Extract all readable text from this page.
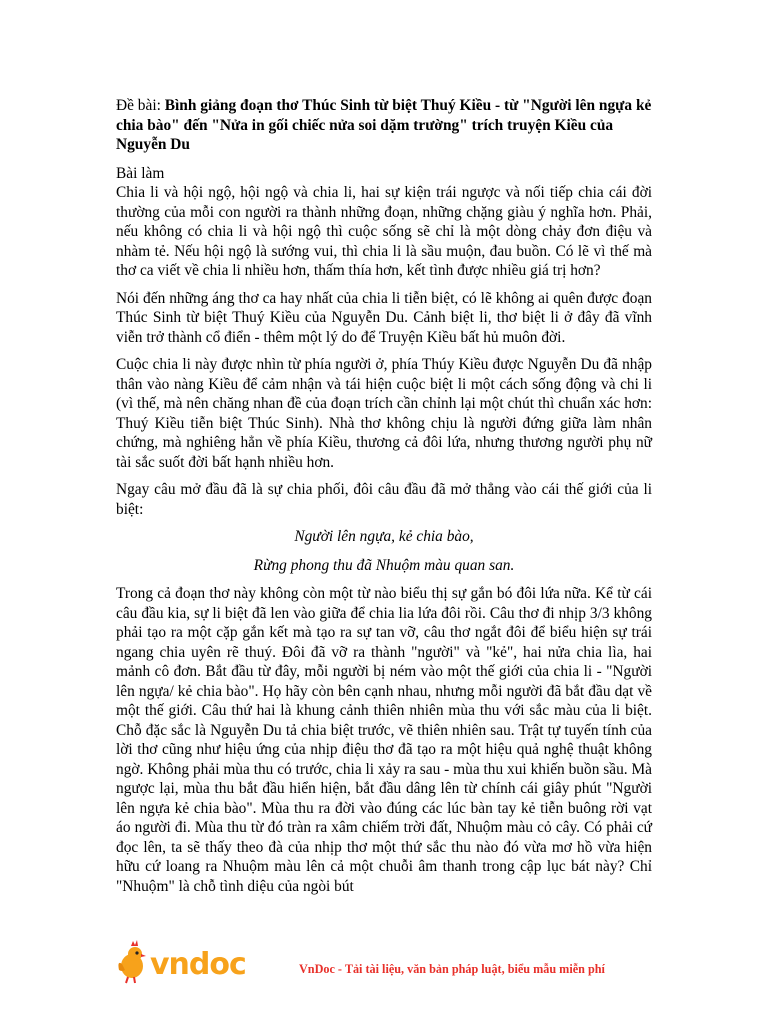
Đề bài: Bình giảng đoạn thơ Thúc Sinh từ biệt Thuý Kiều - từ "Người lên ngựa kẻ chia bào" đến "Nửa in gối chiếc nửa soi dặm trường" trích truyện Kiều của Nguyễn Du

Bài làm

Chia li và hội ngộ, hội ngộ và chia li, hai sự kiện trái ngược và nối tiếp chia cái đời thường của mỗi con người ra thành những đoạn, những chặng giàu ý nghĩa hơn. Phải, nếu không có chia li và hội ngộ thì cuộc sống sẽ chỉ là một dòng chảy đơn điệu và nhàm tẻ. Nếu hội ngộ là sướng vui, thì chia li là sầu muộn, đau buồn. Có lẽ vì thế mà thơ ca viết về chia li nhiều hơn, thấm thía hơn, kết tình được nhiều giá trị hơn?

Nói đến những áng thơ ca hay nhất của chia li tiễn biệt, có lẽ không ai quên được đoạn Thúc Sinh từ biệt Thuý Kiều của Nguyễn Du. Cảnh biệt li, thơ biệt li ở đây đã vĩnh viễn trở thành cổ điển - thêm một lý do để Truyện Kiều bất hủ muôn đời.

Cuộc chia li này được nhìn từ phía người ở, phía Thúy Kiều được Nguyễn Du đã nhập thân vào nàng Kiều để cảm nhận và tái hiện cuộc biệt li một cách sống động và chi li (vì thế, mà nên chăng nhan đề của đoạn trích cần chỉnh lại một chút thì chuẩn xác hơn: Thuý Kiều tiễn biệt Thúc Sinh). Nhà thơ không chịu là người đứng giữa làm nhân chứng, mà nghiêng hẳn về phía Kiều, thương cả đôi lứa, nhưng thương người phụ nữ tài sắc suốt đời bất hạnh nhiều hơn.

Ngay câu mở đầu đã là sự chia phối, đôi câu đầu đã mở thẳng vào cái thế giới của li biệt:

Người lên ngựa, kẻ chia bào,

Rừng phong thu đã Nhuộm màu quan san.

Trong cả đoạn thơ này không còn một từ nào biểu thị sự gắn bó đôi lứa nữa. Kể từ cái câu đầu kia, sự li biệt đã len vào giữa để chia lia lứa đôi rồi. Câu thơ đi nhịp 3/3 không phải tạo ra một cặp gắn kết mà tạo ra sự tan vỡ, câu thơ ngắt đôi để biểu hiện sự trái ngang chia uyên rẽ thuý. Đôi đã vỡ ra thành "người" và "kẻ", hai nửa chia lìa, hai mảnh cô đơn. Bắt đầu từ đây, mỗi người bị ném vào một thế giới của chia li - "Người lên ngựa/ kẻ chia bào". Họ hãy còn bên cạnh nhau, nhưng mỗi người đã bắt đầu dạt về một thế giới. Câu thứ hai là khung cảnh thiên nhiên mùa thu với sắc màu của li biệt. Chỗ đặc sắc là Nguyễn Du tả chia biệt trước, vẽ thiên nhiên sau. Trật tự tuyến tính của lời thơ cũng như hiệu ứng của nhịp điệu thơ đã tạo ra một hiệu quả nghệ thuật không ngờ. Không phải mùa thu có trước, chia li xảy ra sau - mùa thu xui khiến buồn sầu. Mà ngược lại, mùa thu bắt đầu hiển hiện, bắt đầu dâng lên từ chính cái giây phút "Người lên ngựa kẻ chia bào". Mùa thu ra đời vào đúng các lúc bàn tay kẻ tiễn buông rời vạt áo người đi. Mùa thu từ đó tràn ra xâm chiếm trời đất, Nhuộm màu cỏ cây. Có phải cứ đọc lên, ta sẽ thấy theo đà của nhịp thơ một thứ sắc thu nào đó vừa mơ hồ vừa hiện hữu cứ loang ra Nhuộm màu lên cả một chuỗi âm thanh trong cập lục bát này? Chỉ "Nhuộm" là chỗ tình diệu của ngòi bút

vndoc	VnDoc - Tải tài liệu, văn bản pháp luật, biểu mẫu miễn phí
